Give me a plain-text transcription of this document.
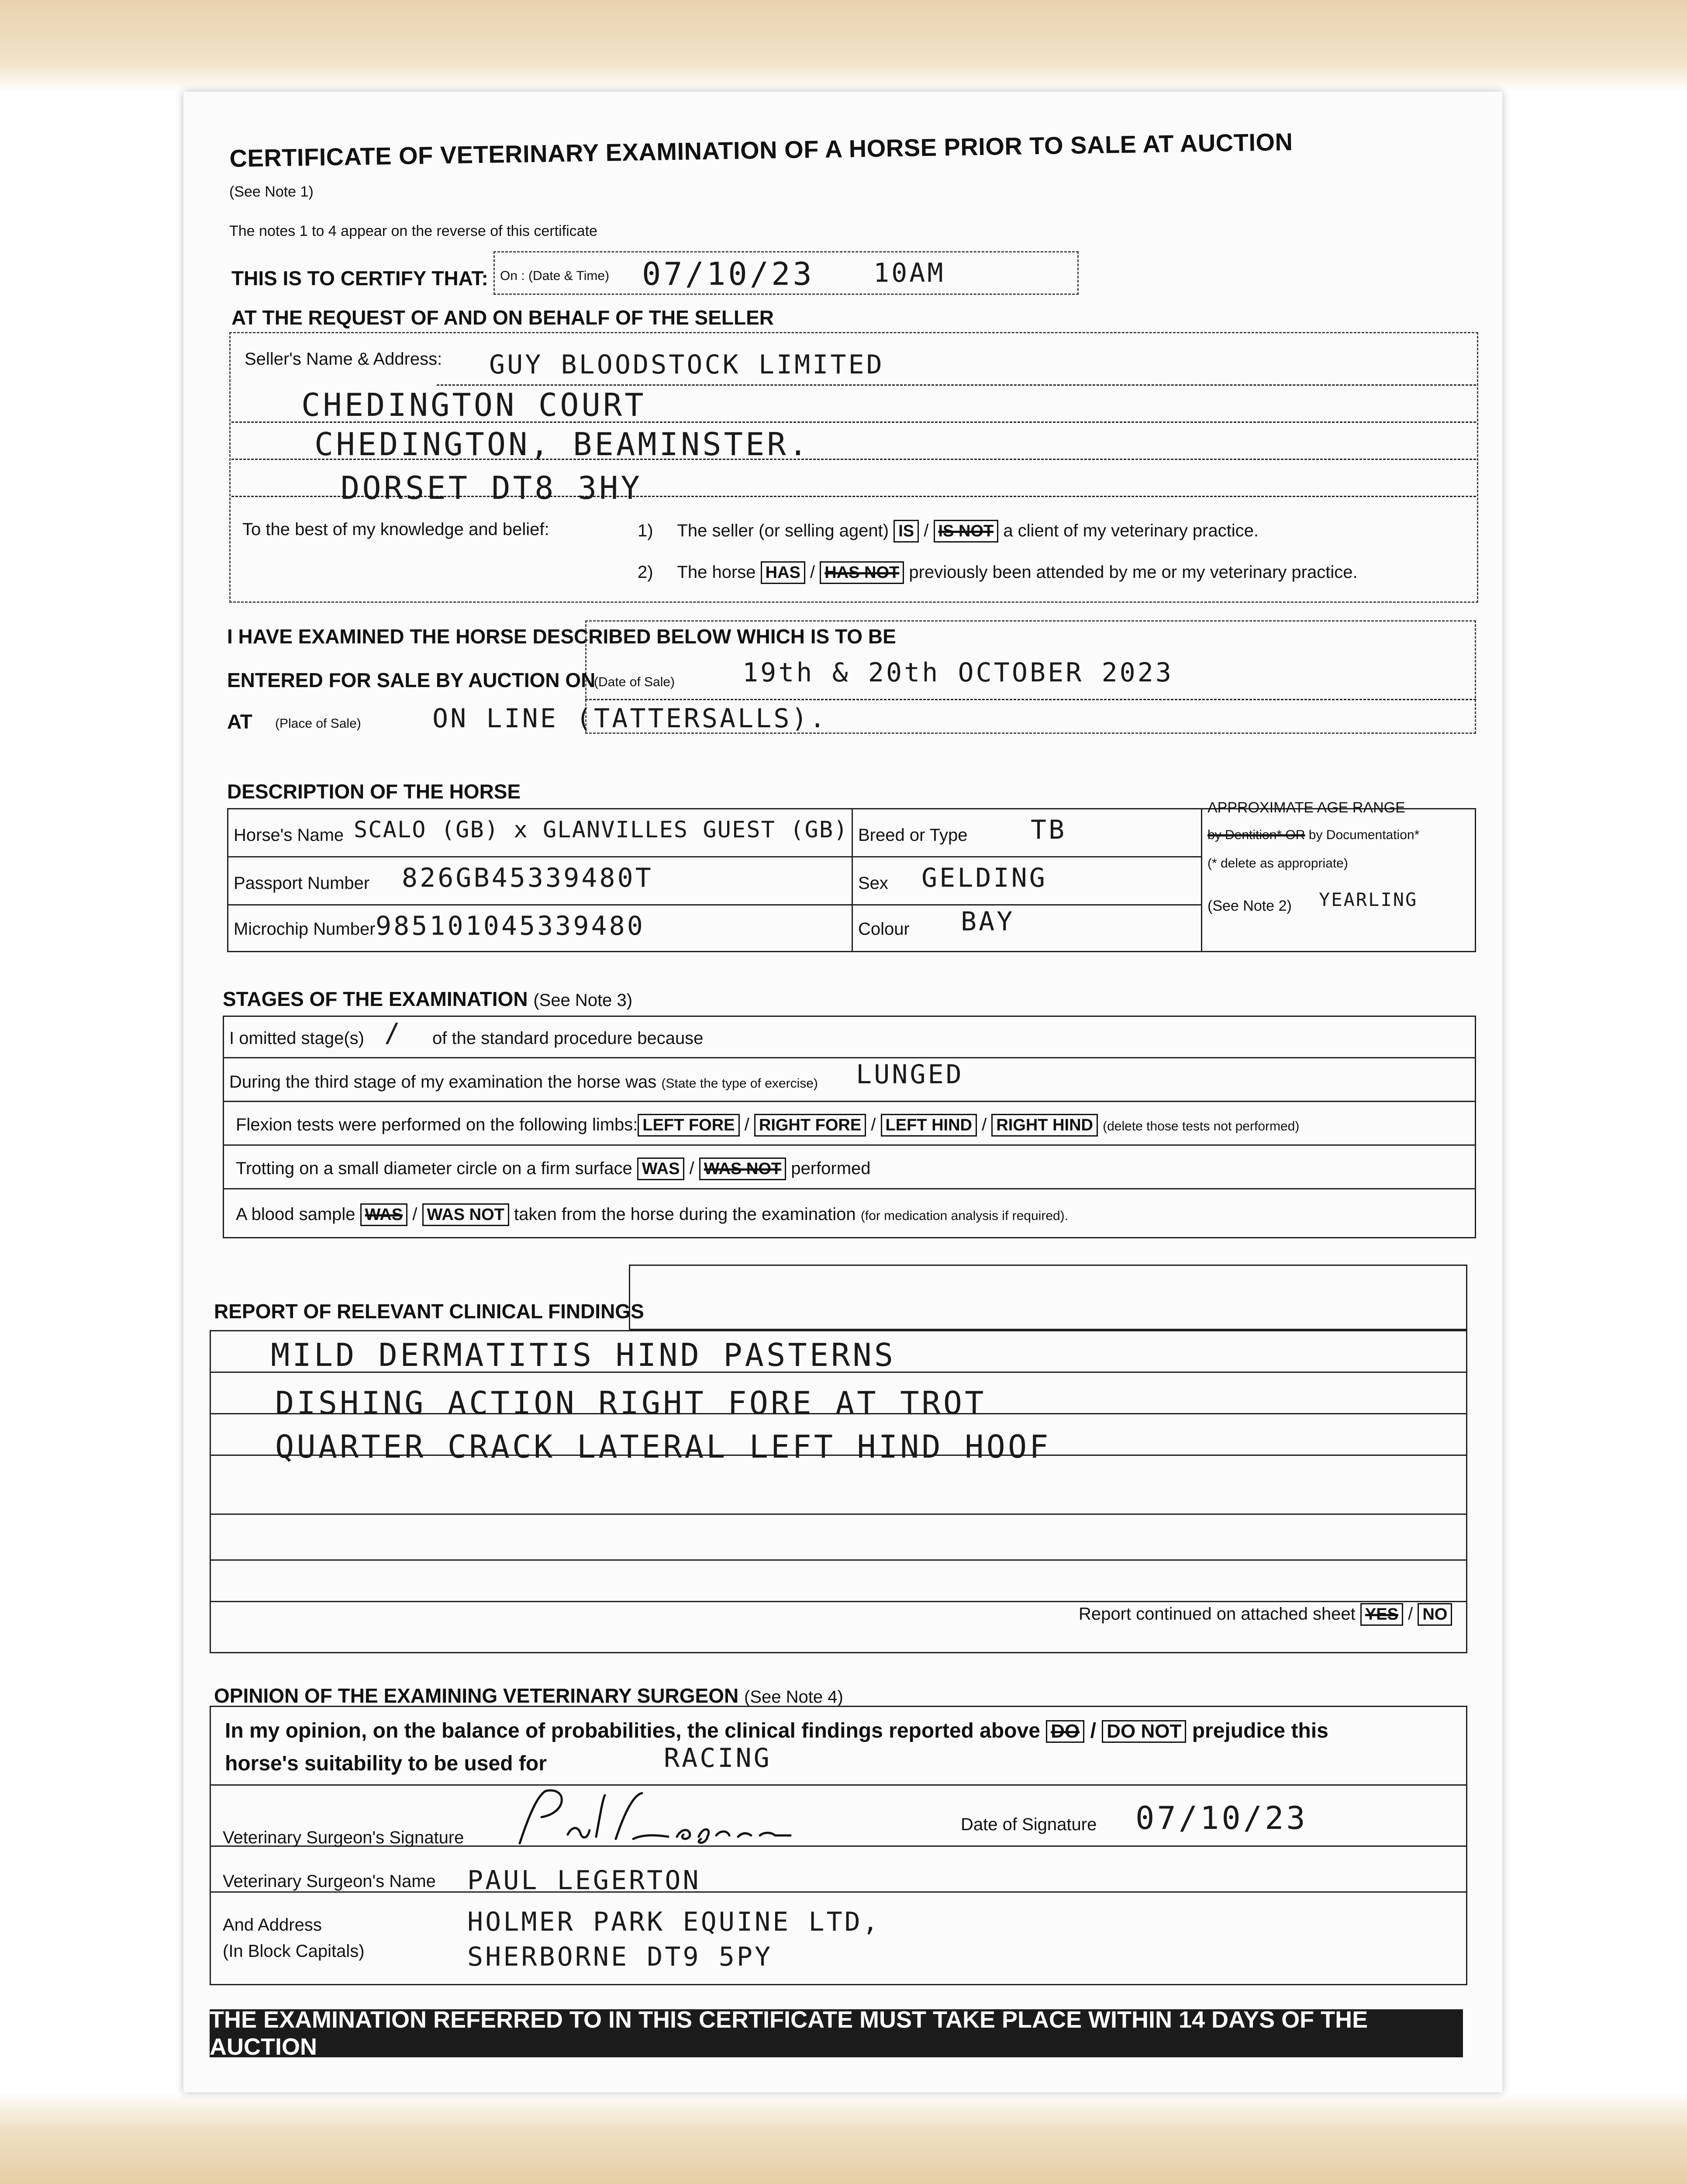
CERTIFICATE OF VETERINARY EXAMINATION OF A HORSE PRIOR TO SALE AT AUCTION
(See Note 1)
The notes 1 to 4 appear on the reverse of this certificate
THIS IS TO CERTIFY THAT: On : (Date & Time) 07/10/23 10AM
AT THE REQUEST OF AND ON BEHALF OF THE SELLER
Seller's Name & Address: GUY BLOODSTOCK LIMITED
CHEDINGTON COURT
CHEDINGTON, BEAMINSTER.
DORSET DT8 3HY
To the best of my knowledge and belief:	1) The seller (or selling agent) IS / IS NOT a client of my veterinary practice.
2) The horse HAS / HAS NOT previously been attended by me or my veterinary practice.
I HAVE EXAMINED THE HORSE DESCRIBED BELOW WHICH IS TO BE
ENTERED FOR SALE BY AUCTION ON
(Date of Sale)	19th & 20th OCTOBER 2023
AT (Place of Sale)	ON LINE (TATTERSALLS).
DESCRIPTION OF THE HORSE
Horse's Name SCALO (GB) x GLANVILLES GUEST (GB) Breed or Type TB
Passport Number 826GB45339480T	Sex GELDING
Microchip Number 985101045339480	Colour BAY
APPROXIMATE AGE RANGE
by Dentition* OR by Documentation*
(* delete as appropriate)
(See Note 2) YEARLING
STAGES OF THE EXAMINATION (See Note 3)
I omitted stage(s) / of the standard procedure because
During the third stage of my examination the horse was (State the type of exercise) LUNGED
Flexion tests were performed on the following limbs: LEFT FORE / RIGHT FORE / LEFT HIND / RIGHT HIND (delete those tests not performed)
Trotting on a small diameter circle on a firm surface WAS / WAS NOT performed
A blood sample WAS / WAS NOT taken from the horse during the examination (for medication analysis if required).
REPORT OF RELEVANT CLINICAL FINDINGS
MILD DERMATITIS HIND PASTERNS
DISHING ACTION RIGHT FORE AT TROT
QUARTER CRACK LATERAL LEFT HIND HOOF
Report continued on attached sheet YES / NO
OPINION OF THE EXAMINING VETERINARY SURGEON (See Note 4)
In my opinion, on the balance of probabilities, the clinical findings reported above DO / DO NOT prejudice this
horse's suitability to be used for	RACING
Veterinary Surgeon's Signature
Date of Signature 07/10/23
Veterinary Surgeon's Name PAUL LEGERTON
And Address
(In Block Capitals)
HOLMER PARK EQUINE LTD,
SHERBORNE DT9 5PY
THE EXAMINATION REFERRED TO IN THIS CERTIFICATE MUST TAKE PLACE WITHIN 14 DAYS OF THE AUCTION
